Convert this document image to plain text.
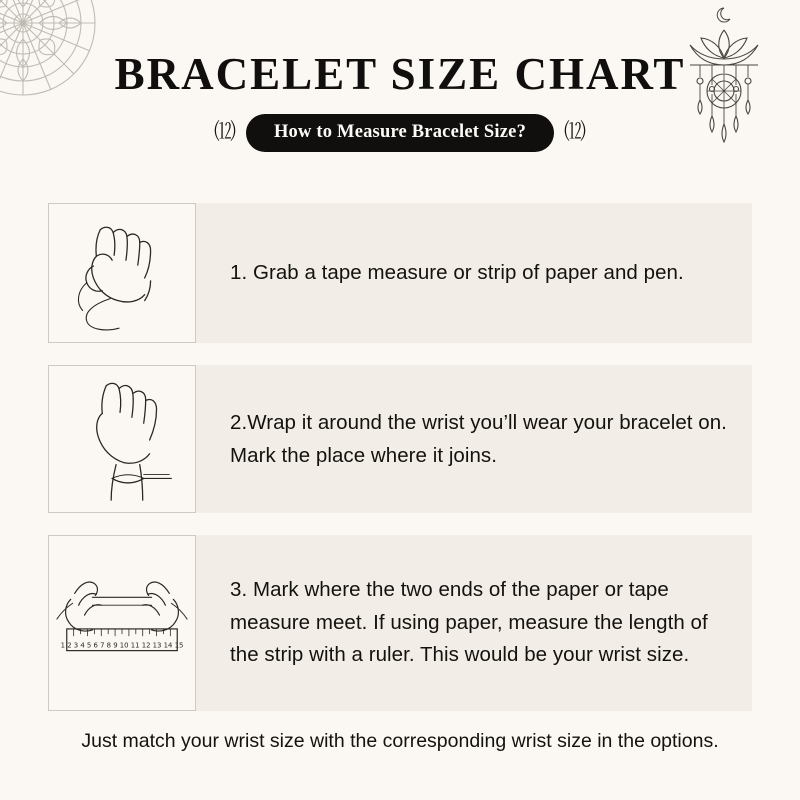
BRACELET SIZE CHART
⑿	How to Measure Bracelet Size?	⑿

1. Grab a tape measure or strip of paper and pen.

2.Wrap it around the wrist you’ll wear your bracelet on. Mark the place where it joins.

1 2 3 4 5 6 7 8 9 10 11 12 13 14 15

3. Mark where the two ends of the paper or tape measure meet. If using paper, measure the length of the strip with a ruler. This would be your wrist size.

Just match your wrist size with the corresponding wrist size in the options.
